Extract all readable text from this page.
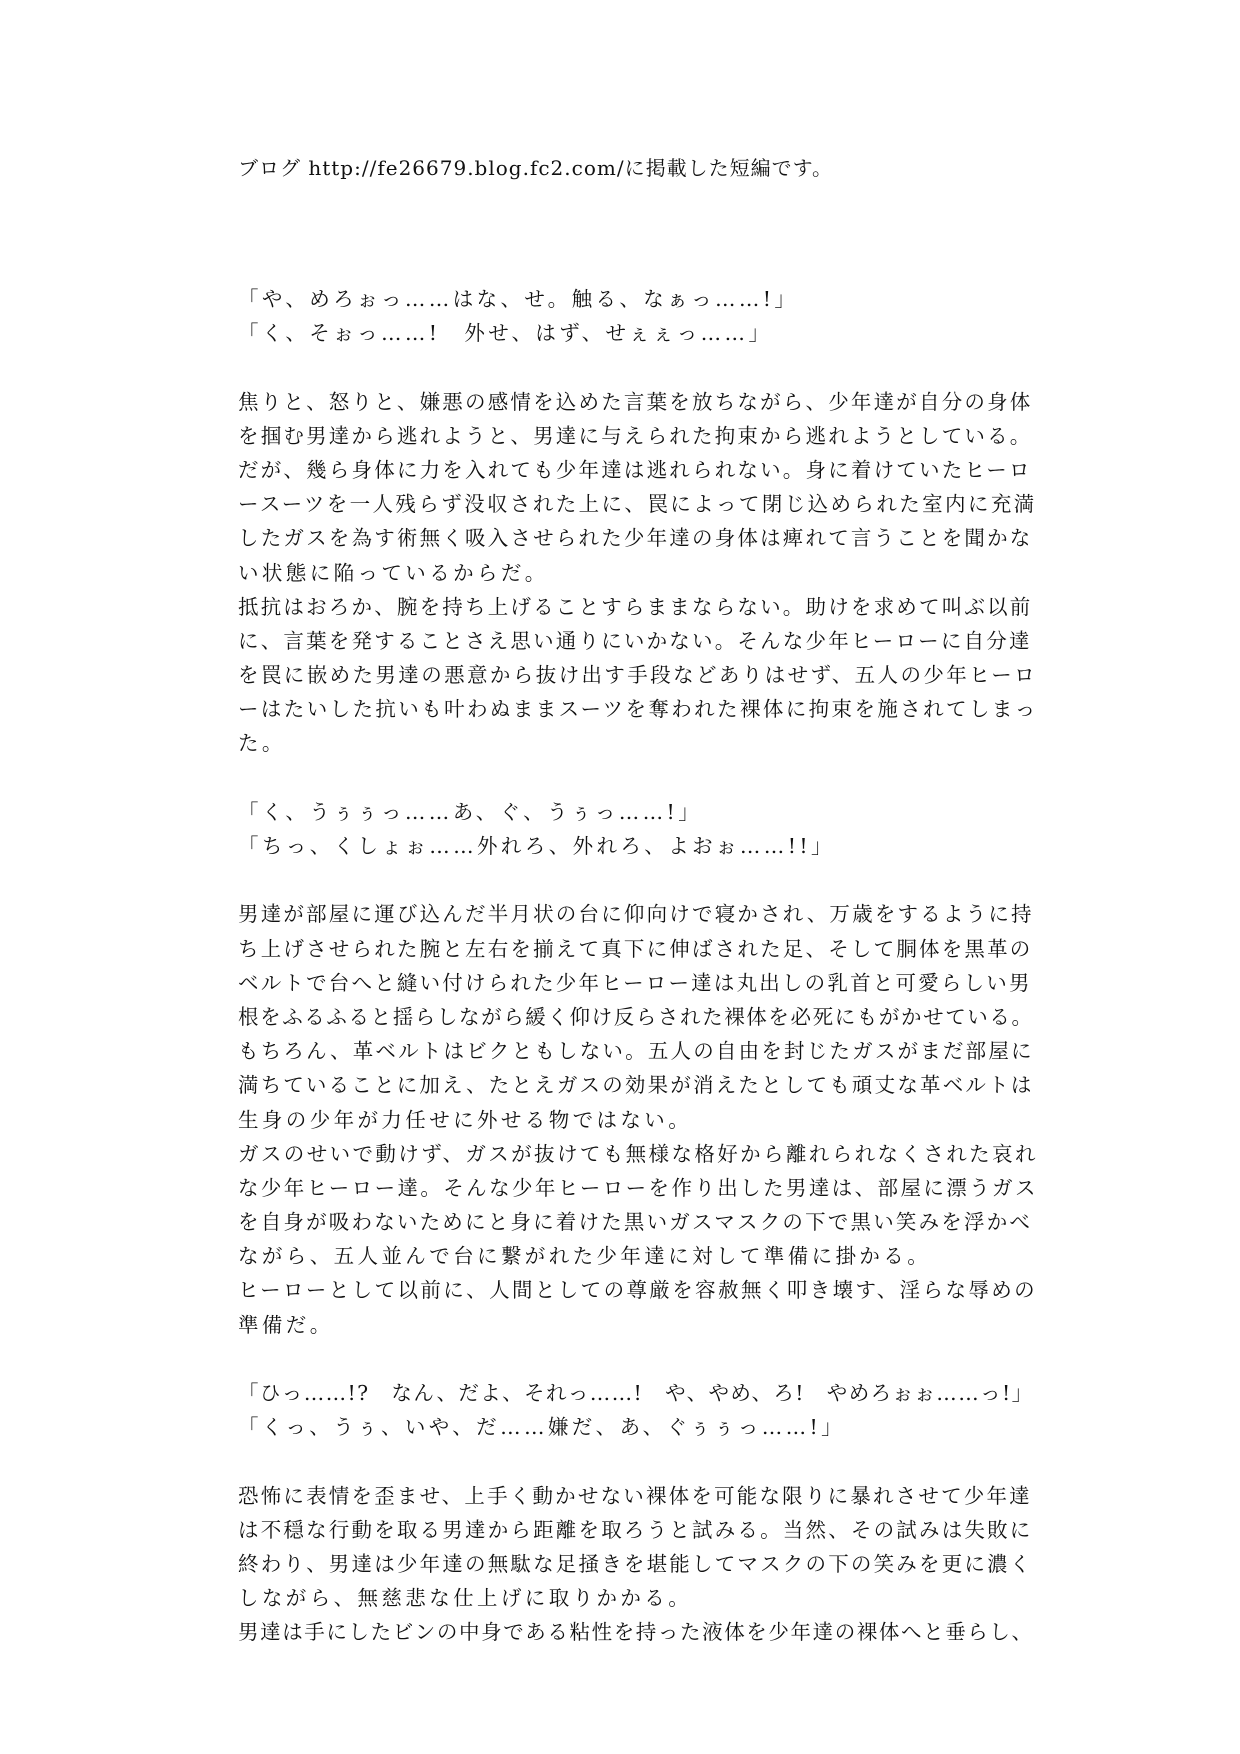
ブログ http://fe26679.blog.fc2.com/に掲載した短編です。
「や、めろぉっ……はな、せ。触る、なぁっ……!」
「く、そぉっ……!　外せ、はず、せぇぇっ……」
焦りと、怒りと、嫌悪の感情を込めた言葉を放ちながら、少年達が自分の身体
を掴む男達から逃れようと、男達に与えられた拘束から逃れようとしている。
だが、幾ら身体に力を入れても少年達は逃れられない。身に着けていたヒーロ
ースーツを一人残らず没収された上に、罠によって閉じ込められた室内に充満
したガスを為す術無く吸入させられた少年達の身体は痺れて言うことを聞かな
い状態に陥っているからだ。
抵抗はおろか、腕を持ち上げることすらままならない。助けを求めて叫ぶ以前
に、言葉を発することさえ思い通りにいかない。そんな少年ヒーローに自分達
を罠に嵌めた男達の悪意から抜け出す手段などありはせず、五人の少年ヒーロ
ーはたいした抗いも叶わぬままスーツを奪われた裸体に拘束を施されてしまっ
た。
「く、うぅぅっ……あ、ぐ、うぅっ……!」
「ちっ、くしょぉ……外れろ、外れろ、よおぉ……!!」
男達が部屋に運び込んだ半月状の台に仰向けで寝かされ、万歳をするように持
ち上げさせられた腕と左右を揃えて真下に伸ばされた足、そして胴体を黒革の
ベルトで台へと縫い付けられた少年ヒーロー達は丸出しの乳首と可愛らしい男
根をふるふると揺らしながら緩く仰け反らされた裸体を必死にもがかせている。
もちろん、革ベルトはビクともしない。五人の自由を封じたガスがまだ部屋に
満ちていることに加え、たとえガスの効果が消えたとしても頑丈な革ベルトは
生身の少年が力任せに外せる物ではない。
ガスのせいで動けず、ガスが抜けても無様な格好から離れられなくされた哀れ
な少年ヒーロー達。そんな少年ヒーローを作り出した男達は、部屋に漂うガス
を自身が吸わないためにと身に着けた黒いガスマスクの下で黒い笑みを浮かべ
ながら、五人並んで台に繋がれた少年達に対して準備に掛かる。
ヒーローとして以前に、人間としての尊厳を容赦無く叩き壊す、淫らな辱めの
準備だ。
「ひっ……!?　なん、だよ、それっ……!　や、やめ、ろ!　やめろぉぉ……っ!」
「くっ、うぅ、いや、だ……嫌だ、あ、ぐぅぅっ……!」
恐怖に表情を歪ませ、上手く動かせない裸体を可能な限りに暴れさせて少年達
は不穏な行動を取る男達から距離を取ろうと試みる。当然、その試みは失敗に
終わり、男達は少年達の無駄な足掻きを堪能してマスクの下の笑みを更に濃く
しながら、無慈悲な仕上げに取りかかる。
男達は手にしたビンの中身である粘性を持った液体を少年達の裸体へと垂らし、
